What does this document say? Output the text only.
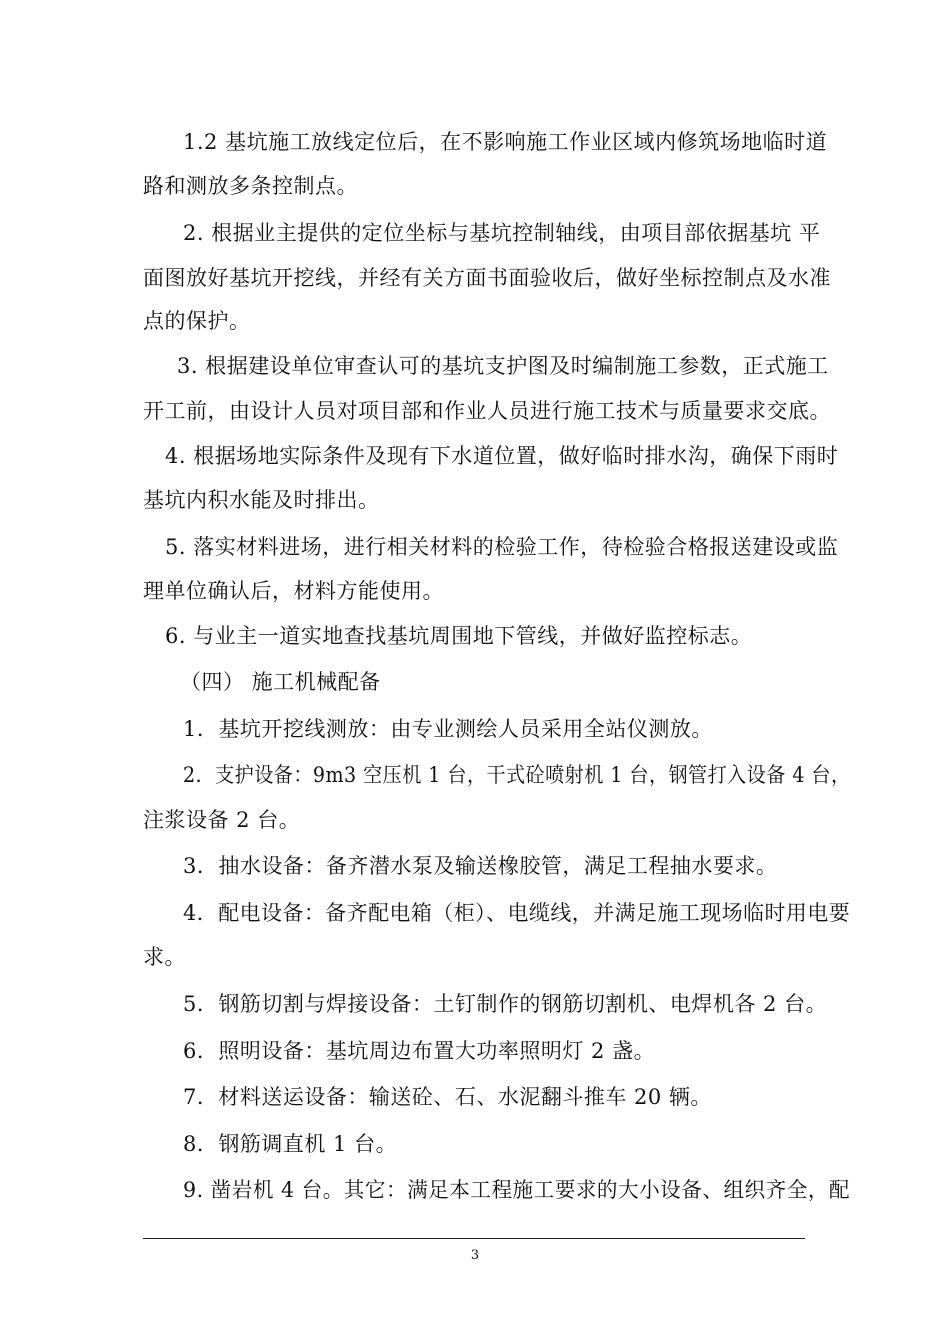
1.2 基坑施工放线定位后，在不影响施工作业区域内修筑场地临时道
路和测放多条控制点。
2. 根据业主提供的定位坐标与基坑控制轴线，由项目部依据基坑 平
面图放好基坑开挖线，并经有关方面书面验收后，做好坐标控制点及水准
点的保护。
3. 根据建设单位审查认可的基坑支护图及时编制施工参数，正式施工
开工前，由设计人员对项目部和作业人员进行施工技术与质量要求交底。
4. 根据场地实际条件及现有下水道位置，做好临时排水沟，确保下雨时
基坑内积水能及时排出。
5. 落实材料进场，进行相关材料的检验工作，待检验合格报送建设或监
理单位确认后，材料方能使用。
6. 与业主一道实地查找基坑周围地下管线，并做好监控标志。
（四） 施工机械配备
1．基坑开挖线测放：由专业测绘人员采用全站仪测放。
2．支护设备：9m3 空压机 1 台，干式砼喷射机 1 台，钢管打入设备 4 台，
注浆设备 2 台。
3．抽水设备：备齐潜水泵及输送橡胶管，满足工程抽水要求。
4．配电设备：备齐配电箱（柜）、电缆线，并满足施工现场临时用电要
求。
5．钢筋切割与焊接设备：土钉制作的钢筋切割机、电焊机各 2 台。
6．照明设备：基坑周边布置大功率照明灯 2 盏。
7．材料送运设备：输送砼、石、水泥翻斗推车 20 辆。
8．钢筋调直机 1 台。
9. 凿岩机 4 台。其它：满足本工程施工要求的大小设备、组织齐全，配
3
